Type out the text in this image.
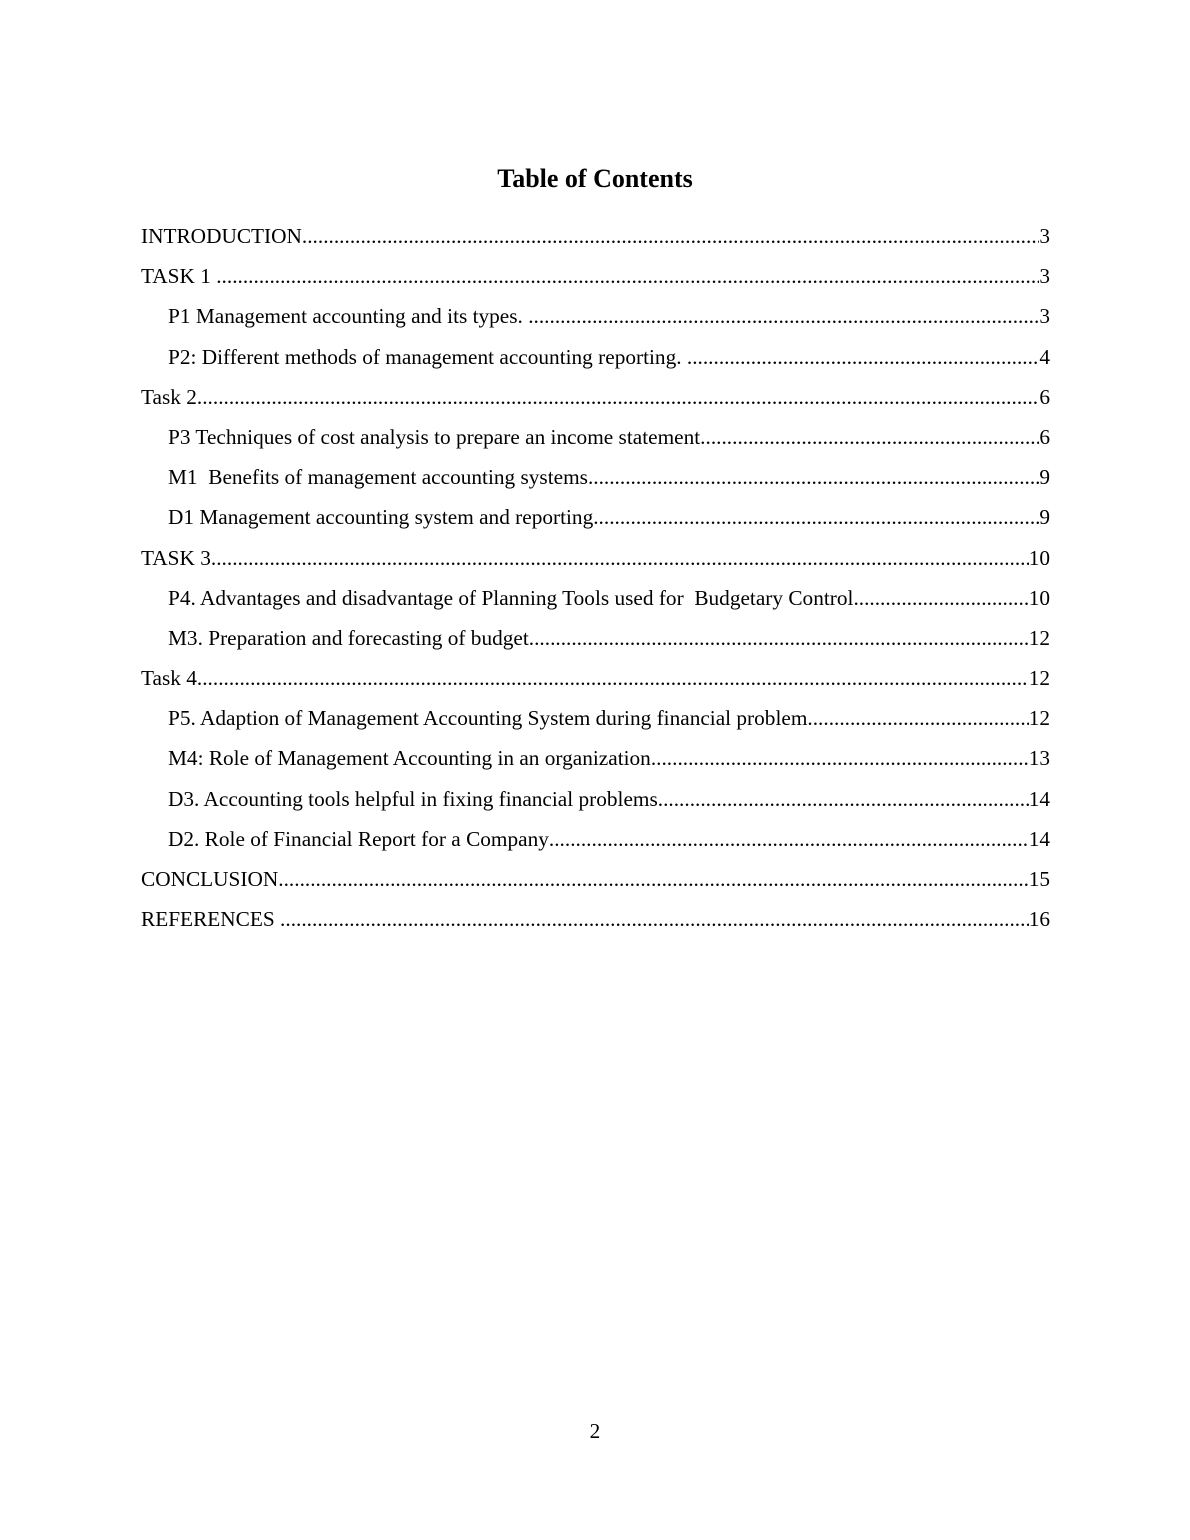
Table of Contents
INTRODUCTION .....	3
TASK 1 .....	3
P1 Management accounting and its types. .....	3
P2: Different methods of management accounting reporting. .....	4
Task 2 .....	6
P3 Techniques of cost analysis to prepare an income statement .....	6
M1  Benefits of management accounting systems .....	9
D1 Management accounting system and reporting .....	9
TASK 3 .....	10
P4. Advantages and disadvantage of Planning Tools used for  Budgetary Control .....	10
M3. Preparation and forecasting of budget .....	12
Task 4 .....	12
P5. Adaption of Management Accounting System during financial problem .....	12
M4: Role of Management Accounting in an organization .....	13
D3. Accounting tools helpful in fixing financial problems .....	14
D2. Role of Financial Report for a Company .....	14
CONCLUSION .....	15
REFERENCES .....	16
2
